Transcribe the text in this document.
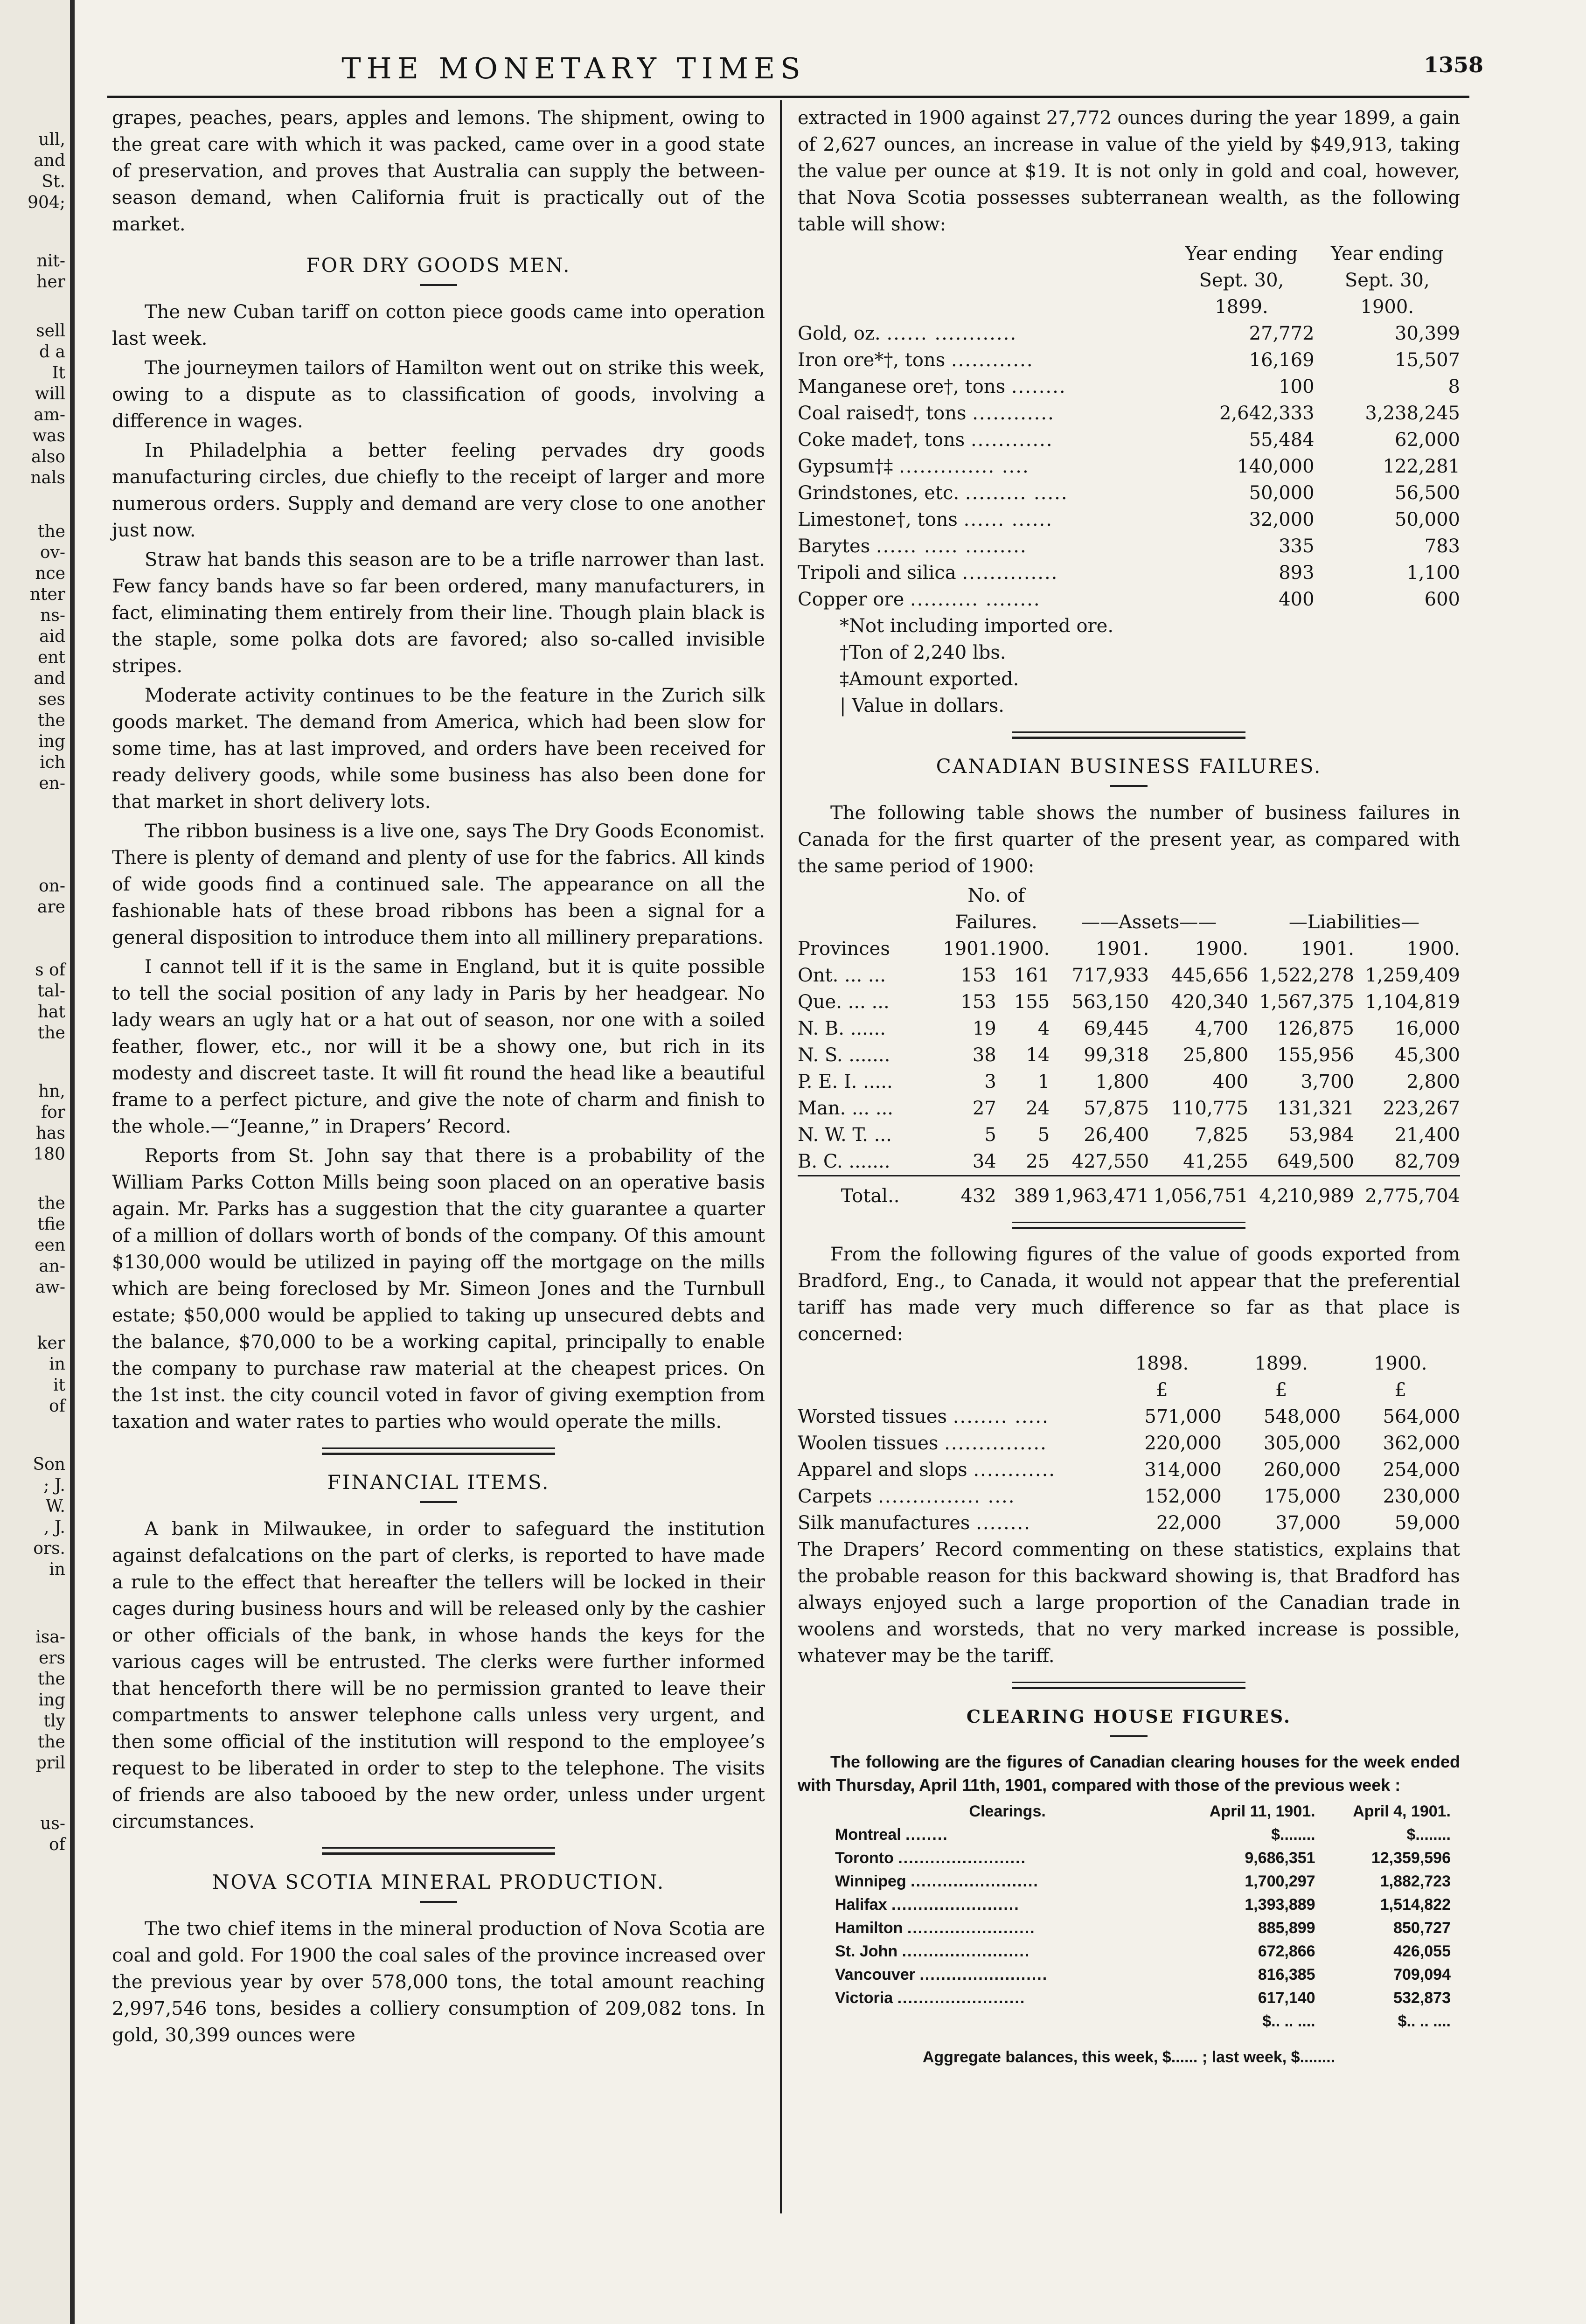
ull,
and
St.
904;
nit-
her
sell
d a
It
will
am-
was
also
nals
the
ov-
nce
nter
ns-
aid
ent
and
ses
the
ing
ich
en-
on-
are
s of
tal-
hat
the
hn,
for
has
180
the
tfie
een
an-
aw-
ker
in
it
of
Son
; J.
W.
, J.
ors.
in
isa-
ers
the
ing
tly
the
pril
us-
of
THE MONETARY TIMES	1358

grapes, peaches, pears, apples and lemons. The shipment, owing to the great care with which it was packed, came over in a good state of preservation, and proves that Australia can supply the between-season demand, when California fruit is practically out of the market.

FOR DRY GOODS MEN.

The new Cuban tariff on cotton piece goods came into operation last week.

The journeymen tailors of Hamilton went out on strike this week, owing to a dispute as to classification of goods, involving a difference in wages.

In Philadelphia a better feeling pervades dry goods manufacturing circles, due chiefly to the receipt of larger and more numerous orders. Supply and demand are very close to one another just now.

Straw hat bands this season are to be a trifle narrower than last. Few fancy bands have so far been ordered, many manufacturers, in fact, eliminating them entirely from their line. Though plain black is the staple, some polka dots are favored; also so-called invisible stripes.

Moderate activity continues to be the feature in the Zurich silk goods market. The demand from America, which had been slow for some time, has at last improved, and orders have been received for ready delivery goods, while some business has also been done for that market in short delivery lots.

The ribbon business is a live one, says The Dry Goods Economist. There is plenty of demand and plenty of use for the fabrics. All kinds of wide goods find a continued sale. The appearance on all the fashionable hats of these broad ribbons has been a signal for a general disposition to introduce them into all millinery preparations.

I cannot tell if it is the same in England, but it is quite possible to tell the social position of any lady in Paris by her headgear. No lady wears an ugly hat or a hat out of season, nor one with a soiled feather, flower, etc., nor will it be a showy one, but rich in its modesty and discreet taste. It will fit round the head like a beautiful frame to a perfect picture, and give the note of charm and finish to the whole.—“Jeanne,” in Drapers’ Record.

Reports from St. John say that there is a probability of the William Parks Cotton Mills being soon placed on an operative basis again. Mr. Parks has a suggestion that the city guarantee a quarter of a million of dollars worth of bonds of the company. Of this amount $130,000 would be utilized in paying off the mortgage on the mills which are being foreclosed by Mr. Simeon Jones and the Turnbull estate; $50,000 would be applied to taking up unsecured debts and the balance, $70,000 to be a working capital, principally to enable the company to purchase raw material at the cheapest prices. On the 1st inst. the city council voted in favor of giving exemption from taxation and water rates to parties who would operate the mills.

FINANCIAL ITEMS.

A bank in Milwaukee, in order to safeguard the institution against defalcations on the part of clerks, is reported to have made a rule to the effect that hereafter the tellers will be locked in their cages during business hours and will be released only by the cashier or other officials of the bank, in whose hands the keys for the various cages will be entrusted. The clerks were further informed that henceforth there will be no permission granted to leave their compartments to answer telephone calls unless very urgent, and then some official of the institution will respond to the employee’s request to be liberated in order to step to the telephone. The visits of friends are also tabooed by the new order, unless under urgent circumstances.

NOVA SCOTIA MINERAL PRODUCTION.

The two chief items in the mineral production of Nova Scotia are coal and gold. For 1900 the coal sales of the province increased over the previous year by over 578,000 tons, the total amount reaching 2,997,546 tons, besides a colliery consumption of 209,082 tons. In gold, 30,399 ounces were

extracted in 1900 against 27,772 ounces during the year 1899, a gain of 2,627 ounces, an increase in value of the yield by $49,913, taking the value per ounce at $19. It is not only in gold and coal, however, that Nova Scotia possesses subterranean wealth, as the following table will show:

	Year ending	Year ending
	Sept. 30,	Sept. 30,
	1899.	1900.
Gold, oz. ...... ............	27,772	30,399
Iron ore*†, tons ............	16,169	15,507
Manganese ore†, tons ........	100	8
Coal raised†, tons ............	2,642,333	3,238,245
Coke made†, tons ............	55,484	62,000
Gypsum†‡ .............. ....	140,000	122,281
Grindstones, etc. ......... .....	50,000	56,500
Limestone†, tons ...... ......	32,000	50,000
Barytes ...... ..... .........	335	783
Tripoli and silica ..............	893	1,100
Copper ore .......... ........	400	600
*Not including imported ore.
†Ton of 2,240 lbs.
‡Amount exported.
| Value in dollars.
CANADIAN BUSINESS FAILURES.

The following table shows the number of business failures in Canada for the first quarter of the present year, as compared with the same period of 1900:

	No. of					
	Failures.		——Assets——		—Liabilities—	
Provinces	1901.	1900.	1901.	1900.	1901.	1900.
Ont. ... ...	153	161	717,933	445,656	1,522,278	1,259,409
Que. ... ...	153	155	563,150	420,340	1,567,375	1,104,819
N. B. ......	19	4	69,445	4,700	126,875	16,000
N. S. .......	38	14	99,318	25,800	155,956	45,300
P. E. I. .....	3	1	1,800	400	3,700	2,800
Man. ... ...	27	24	57,875	110,775	131,321	223,267
N. W. T. ...	5	5	26,400	7,825	53,984	21,400
B. C. .......	34	25	427,550	41,255	649,500	82,709
Total..	432	389	1,963,471	1,056,751	4,210,989	2,775,704

From the following figures of the value of goods exported from Bradford, Eng., to Canada, it would not appear that the preferential tariff has made very much difference so far as that place is concerned:

	1898.	1899.	1900.
	£	£	£
Worsted tissues ........ .....	571,000	548,000	564,000
Woolen tissues ...............	220,000	305,000	362,000
Apparel and slops ............	314,000	260,000	254,000
Carpets ............... ....	152,000	175,000	230,000
Silk manufactures ........	22,000	37,000	59,000

The Drapers’ Record commenting on these statistics, explains that the probable reason for this backward showing is, that Bradford has always enjoyed such a large proportion of the Canadian trade in woolens and worsteds, that no very marked increase is possible, whatever may be the tariff.

CLEARING HOUSE FIGURES.

The following are the figures of Canadian clearing houses for the week ended with Thursday, April 11th, 1901, compared with those of the previous week :

Clearings.	April 11, 1901.	April 4, 1901.
Montreal ........	$........	$........
Toronto ........................	9,686,351	12,359,596
Winnipeg ........................	1,700,297	1,882,723
Halifax ........................	1,393,889	1,514,822
Hamilton ........................	885,899	850,727
St. John ........................	672,866	426,055
Vancouver ........................	816,385	709,094
Victoria ........................	617,140	532,873
	$.. .. ....	$.. .. ....
Aggregate balances, this week, $...... ; last week, $........
